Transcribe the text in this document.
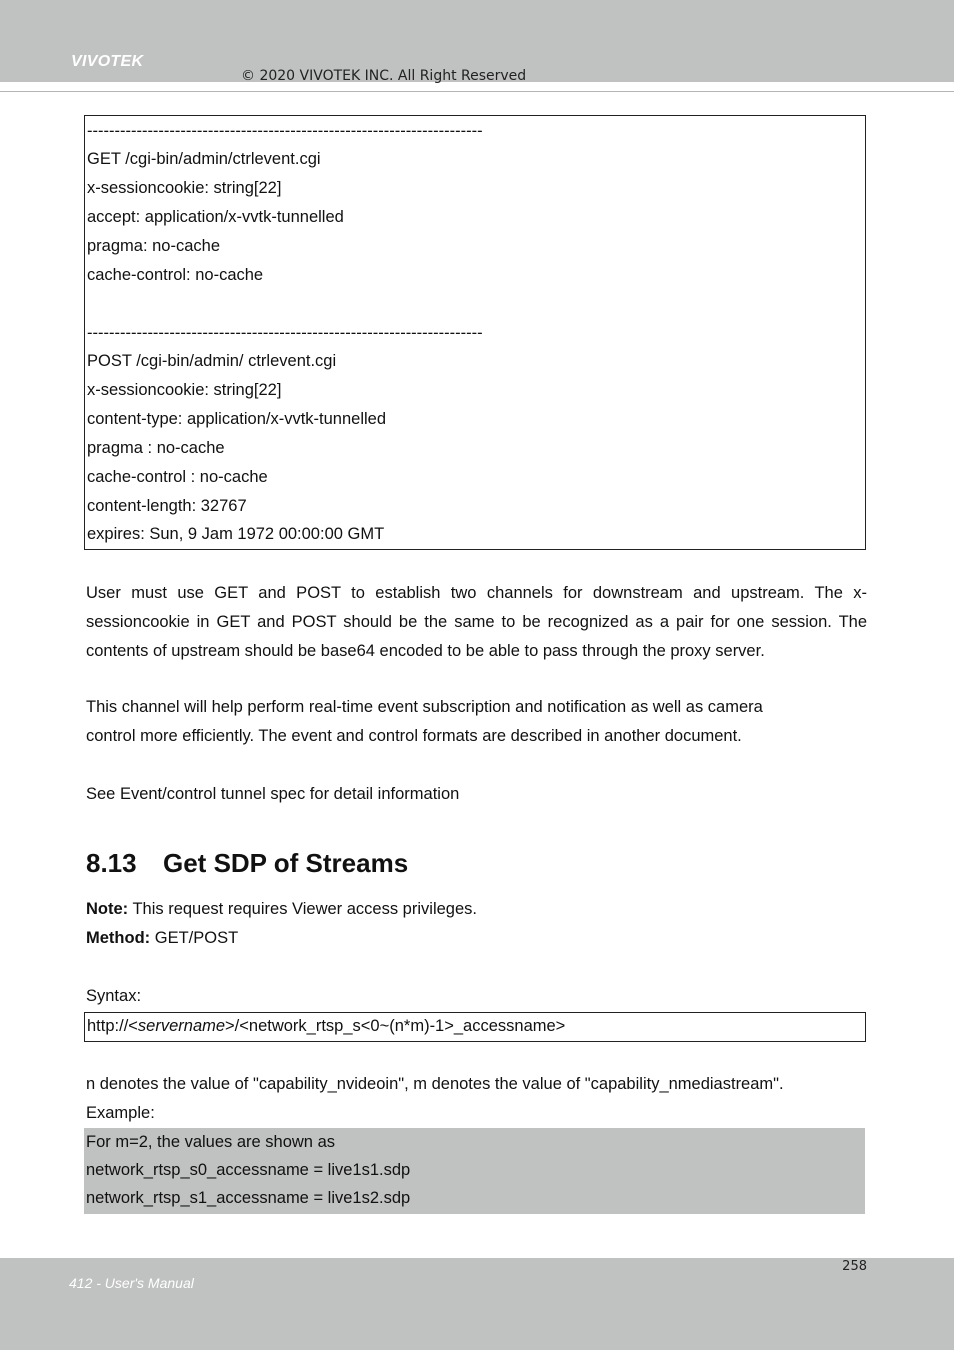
VIVOTEK
© 2020 VIVOTEK INC. All Right Reserved
------------------------------------------------------------------------
GET /cgi-bin/admin/ctrlevent.cgi
x-sessioncookie: string[22]
accept: application/x-vvtk-tunnelled
pragma: no-cache
cache-control: no-cache
------------------------------------------------------------------------
POST /cgi-bin/admin/ ctrlevent.cgi
x-sessioncookie: string[22]
content-type: application/x-vvtk-tunnelled
pragma : no-cache
cache-control : no-cache
content-length: 32767
expires: Sun, 9 Jam 1972 00:00:00 GMT
User must use GET and POST to establish two channels for downstream and upstream. The x-sessioncookie in GET and POST should be the same to be recognized as a pair for one session. The contents of upstream should be base64 encoded to be able to pass through the proxy server.
This channel will help perform real-time event subscription and notification as well as camera
control more efficiently. The event and control formats are described in another document.
See Event/control tunnel spec for detail information
8.13 Get SDP of Streams
Note: This request requires Viewer access privileges.
Method: GET/POST
Syntax:
http://<servername>/<network_rtsp_s<0~(n*m)-1>_accessname>
n denotes the value of "capability_nvideoin", m denotes the value of "capability_nmediastream".
Example:
For m=2, the values are shown as
network_rtsp_s0_accessname = live1s1.sdp
network_rtsp_s1_accessname = live1s2.sdp
258
412 - User's Manual
